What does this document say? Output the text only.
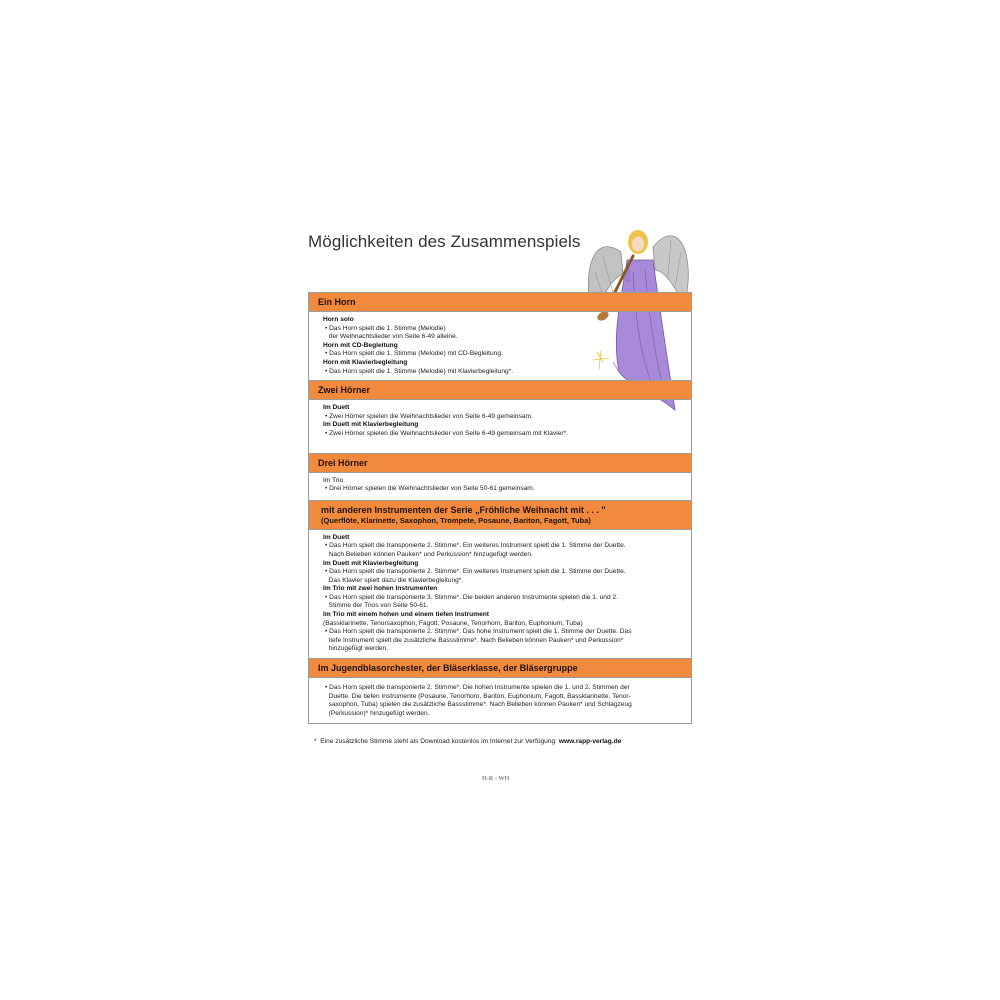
Möglichkeiten des Zusammenspiels
Ein Horn
Horn solo
• Das Horn spielt die 1. Stimme (Melodie)
der Weihnachtslieder von Seite 6-49 alleine.
Horn mit CD-Begleitung
• Das Horn spielt die 1. Stimme (Melodie) mit CD-Begleitung.
Horn mit Klavierbegleitung
• Das Horn spielt die 1. Stimme (Melodie) mit Klavierbegleitung*.
Zwei Hörner
Im Duett
• Zwei Hörner spielen die Weihnachtslieder von Seite 6-49 gemeinsam.
Im Duett mit Klavierbegleitung
• Zwei Hörner spielen die Weihnachtslieder von Seite 6-49 gemeinsam mit Klavier*.
Drei Hörner
Im Trio
• Drei Hörner spielen die Weihnachtslieder von Seite 50-61 gemeinsam.
mit anderen Instrumenten der Serie „Fröhliche Weihnacht mit . . . "
(Querflöte, Klarinette, Saxophon, Trompete, Posaune, Bariton, Fagott, Tuba)
Im Duett
• Das Horn spielt die transponierte 2. Stimme*. Ein weiteres Instrument spielt die 1. Stimme der Duette.
Nach Belieben können Pauken* und Perkussion* hinzugefügt werden.
Im Duett mit Klavierbegleitung
• Das Horn spielt die transponierte 2. Stimme*. Ein weiteres Instrument spielt die 1. Stimme der Duette.
Das Klavier spielt dazu die Klavierbegleitung*.
Im Trio mit zwei hohen Instrumenten
• Das Horn spielt die transponierte 3. Stimme*. Die beiden anderen Instrumente spielen die 1. und 2.
Stimme der Trios von Seite 50-61.
Im Trio mit einem hohen und einem tiefen Instrument
(Bassklarinette, Tenorsaxophon, Fagott, Posaune, Tenorhorn, Bariton, Euphonium, Tuba)
• Das Horn spielt die transponierte 2. Stimme*. Das hohe Instrument spielt die 1. Stimme der Duette. Das
tiefe Instrument spielt die zusätzliche Bassstimme*. Nach Belieben können Pauken* und Perkussion*
hinzugefügt werden.
Im Jugendblasorchester, der Bläserklasse, der Bläsergruppe
• Das Horn spielt die transponierte 2. Stimme*. Die hohen Instrumente spielen die 1. und 2. Stimmen der
Duette. Die tiefen Instrumente (Posaune, Tenorhorn, Bariton, Euphonium, Fagott, Bassklarinette, Tenor-
saxophon, Tuba) spielen die zusätzliche Bassstimme*. Nach Belieben können Pauken* und Schlagzeug
(Perkussion)* hinzugefügt werden.
* Eine zusätzliche Stimme steht als Download kostenlos im Internet zur Verfügung: www.rapp-verlag.de
H-R - WH
